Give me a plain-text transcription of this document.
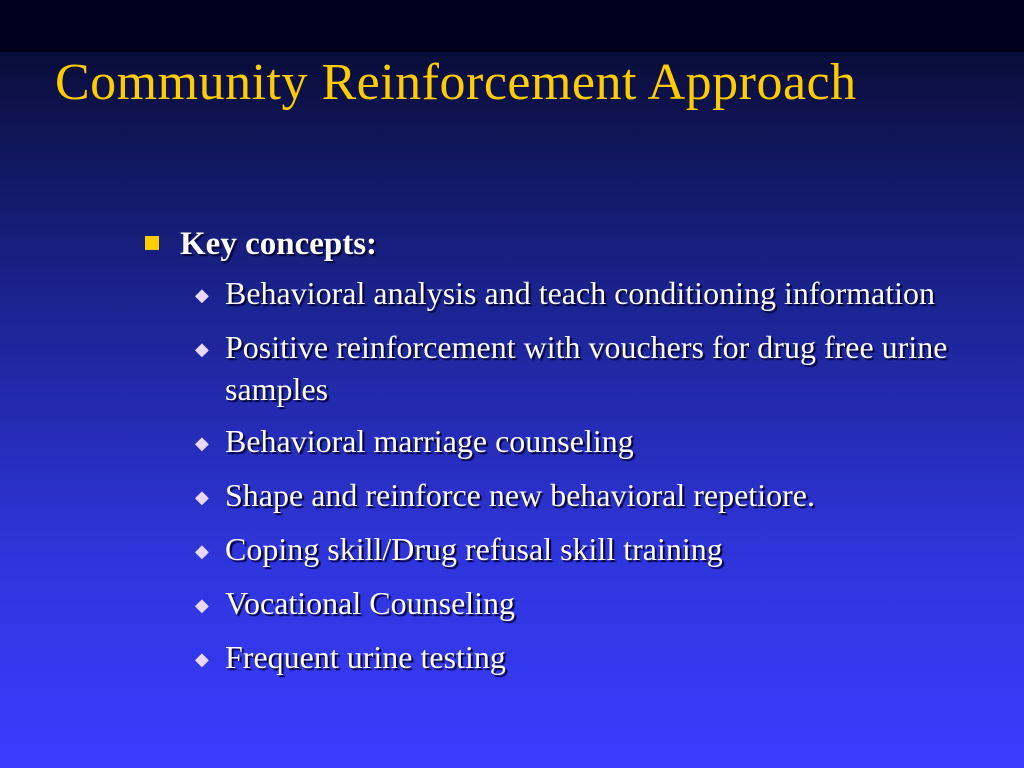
Community Reinforcement Approach
Key concepts:
◆ Behavioral analysis and teach conditioning information
◆ Positive reinforcement with vouchers for drug free urine samples
◆ Behavioral marriage counseling
◆ Shape and reinforce new behavioral repetiore.
◆ Coping skill/Drug refusal skill training
◆ Vocational Counseling
◆ Frequent urine testing
